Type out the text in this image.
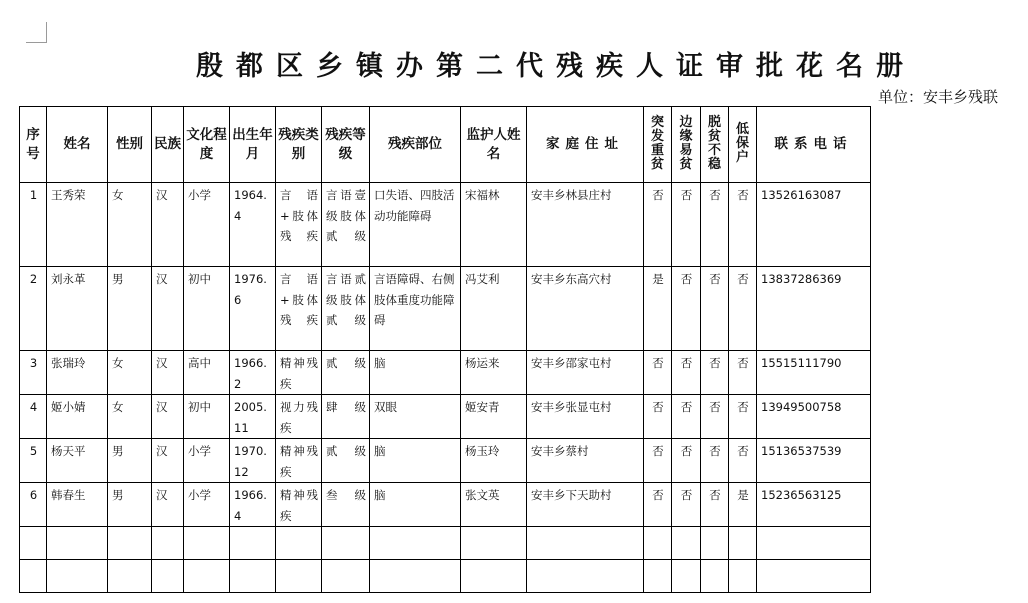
殷都区乡镇办第二代残疾人证审批花名册
单位：安丰乡残联
序号	姓名	性别	民族	文化程度	出生年月	残疾类别	残疾等级	残疾部位	监护人姓名	家庭住址	突发重贫	边缘易贫	脱贫不稳	低保户	联系电话
1	王秀荣	女	汉	小学	1964.4	言语+肢体残疾	言语壹级肢体贰级	口失语、四肢活动功能障碍	宋福林	安丰乡林县庄村	否	否	否	否	13526163087
2	刘永革	男	汉	初中	1976.6	言语+肢体残疾	言语贰级肢体贰级	言语障碍、右侧肢体重度功能障碍	冯艾利	安丰乡东高穴村	是	否	否	否	13837286369
3	张瑞玲	女	汉	高中	1966.2	精神残疾	贰级	脑	杨运来	安丰乡邵家屯村	否	否	否	否	15515111790
4	姬小婧	女	汉	初中	2005.11	视力残疾	肆级	双眼	姬安青	安丰乡张显屯村	否	否	否	否	13949500758
5	杨天平	男	汉	小学	1970.12	精神残疾	贰级	脑	杨玉玲	安丰乡蔡村	否	否	否	否	15136537539
6	韩春生	男	汉	小学	1966.4	精神残疾	叁级	脑	张文英	安丰乡下天助村	否	否	否	是	15236563125
